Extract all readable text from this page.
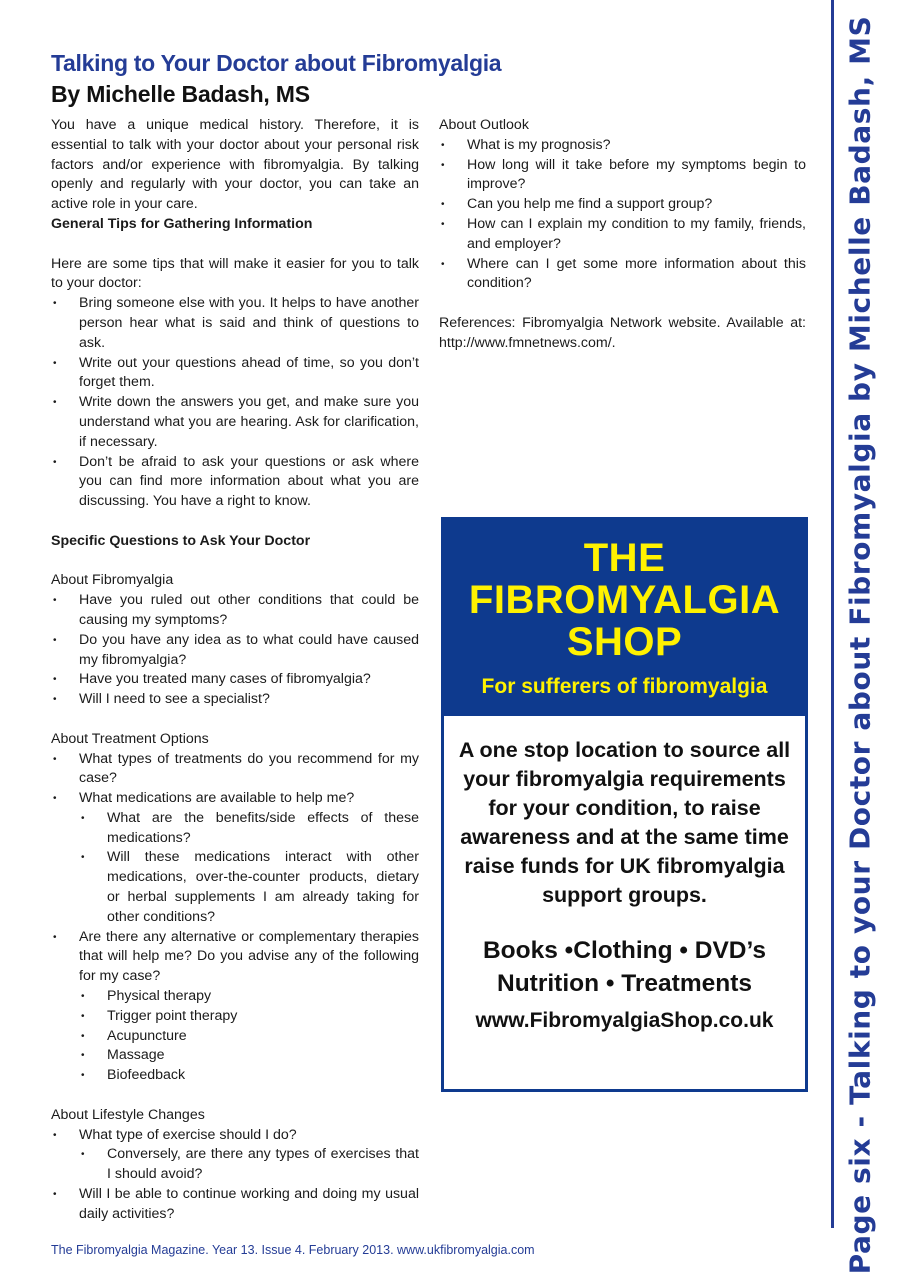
Talking to Your Doctor about Fibromyalgia
By Michelle Badash, MS

You have a unique medical history. Therefore, it is essential to talk with your doctor about your personal risk factors and/or experience with fibromyalgia. By talking openly and regularly with your doctor, you can take an active role in your care.

General Tips for Gathering Information

Here are some tips that will make it easier for you to talk to your doctor:

• Bring someone else with you. It helps to have another person hear what is said and think of questions to ask.
• Write out your questions ahead of time, so you don’t forget them.
• Write down the answers you get, and make sure you understand what you are hearing. Ask for clarification, if necessary.
• Don’t be afraid to ask your questions or ask where you can find more information about what you are discussing. You have a right to know.
Specific Questions to Ask Your Doctor

About Fibromyalgia

• Have you ruled out other conditions that could be causing my symptoms?
• Do you have any idea as to what could have caused my fibromyalgia?
• Have you treated many cases of fibromyalgia?
• Will I need to see a specialist?

About Treatment Options

• What types of treatments do you recommend for my case?
• What medications are available to help me?
• What are the benefits/side effects of these medications?
• Will these medications interact with other medications, over-the-counter products, dietary or herbal supplements I am already taking for other conditions?
• Are there any alternative or complementary therapies that will help me? Do you advise any of the following for my case?
• Physical therapy
• Trigger point therapy
• Acupuncture
• Massage
• Biofeedback

About Lifestyle Changes

• What type of exercise should I do?
• Conversely, are there any types of exercises that I should avoid?
• Will I be able to continue working and doing my usual daily activities?

About Outlook

• What is my prognosis?
• How long will it take before my symptoms begin to improve?
• Can you help me find a support group?
• How can I explain my condition to my family, friends, and employer?
• Where can I get some more information about this condition?

References: Fibromyalgia Network website. Available at: http://www.fmnetnews.com/.

THE
FIBROMYALGIA
SHOP
For sufferers of fibromyalgia
A one stop location to source all your fibromyalgia requirements for your condition, to raise awareness and at the same time raise funds for UK fibromyalgia support groups.
Books •Clothing • DVD’s
Nutrition • Treatments
www.FibromyalgiaShop.co.uk	Page six - Talking to your Doctor about Fibromyalgia by Michelle Badash, MS

The Fibromyalgia Magazine. Year 13. Issue 4. February 2013. www.ukfibromyalgia.com
